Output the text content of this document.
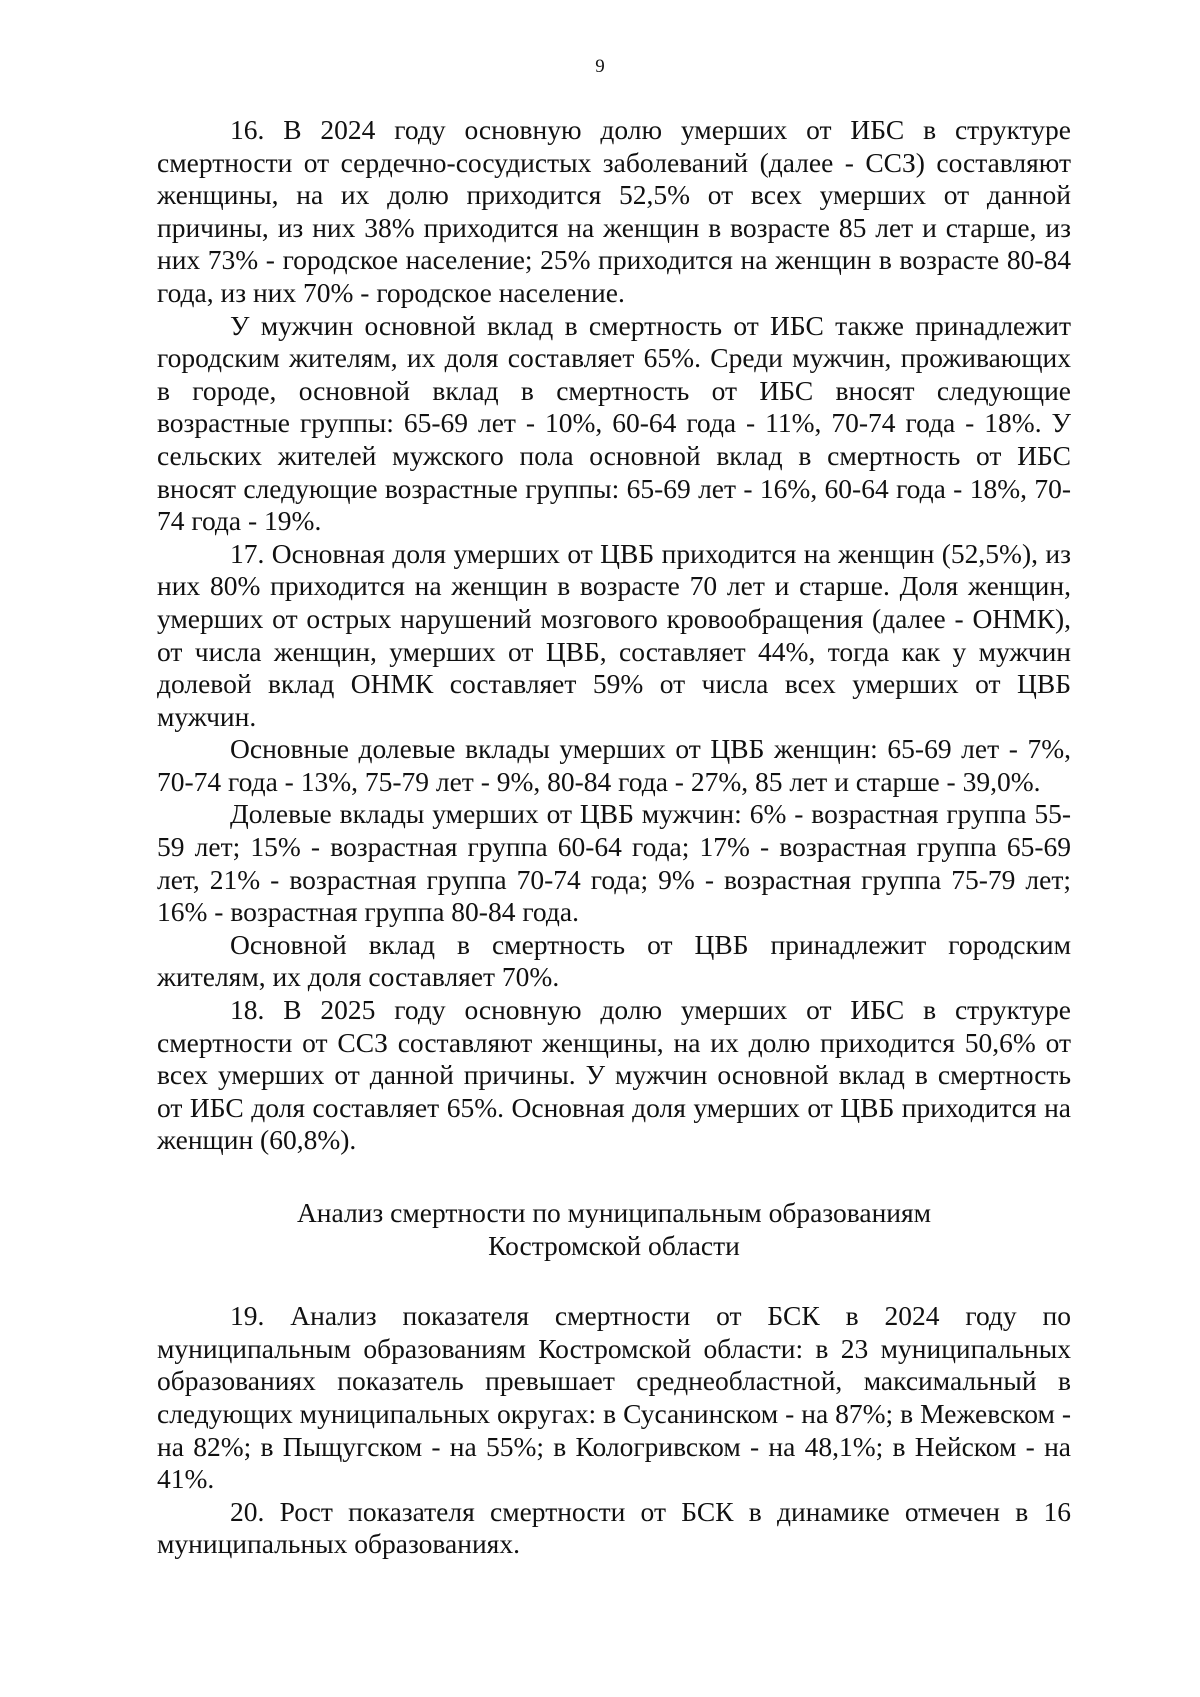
9

16. В 2024 году основную долю умерших от ИБС в структуре смертности от сердечно-сосудистых заболеваний (далее - ССЗ) составляют женщины, на их долю приходится 52,5% от всех умерших от данной причины, из них 38% приходится на женщин в возрасте 85 лет и старше, из них 73% - городское население; 25% приходится на женщин в возрасте 80-84 года, из них 70% - городское население.

У мужчин основной вклад в смертность от ИБС также принадлежит городским жителям, их доля составляет 65%. Среди мужчин, проживающих в городе, основной вклад в смертность от ИБС вносят следующие возрастные группы: 65-69 лет - 10%, 60-64 года - 11%, 70-74 года - 18%. У сельских жителей мужского пола основной вклад в смертность от ИБС вносят следующие возрастные группы: 65-69 лет - 16%, 60-64 года - 18%, 70-74 года - 19%.

17. Основная доля умерших от ЦВБ приходится на женщин (52,5%), из них 80% приходится на женщин в возрасте 70 лет и старше. Доля женщин, умерших от острых нарушений мозгового кровообращения (далее - ОНМК), от числа женщин, умерших от ЦВБ, составляет 44%, тогда как у мужчин долевой вклад ОНМК составляет 59% от числа всех умерших от ЦВБ мужчин.

Основные долевые вклады умерших от ЦВБ женщин: 65-69 лет - 7%, 70-74 года - 13%, 75-79 лет - 9%, 80-84 года - 27%, 85 лет и старше - 39,0%.

Долевые вклады умерших от ЦВБ мужчин: 6% - возрастная группа 55-59 лет; 15% - возрастная группа 60-64 года; 17% - возрастная группа 65-69 лет, 21% - возрастная группа 70-74 года; 9% - возрастная группа 75-79 лет; 16% - возрастная группа 80-84 года.

Основной вклад в смертность от ЦВБ принадлежит городским жителям, их доля составляет 70%.

18. В 2025 году основную долю умерших от ИБС в структуре смертности от ССЗ составляют женщины, на их долю приходится 50,6% от всех умерших от данной причины. У мужчин основной вклад в смертность от ИБС доля составляет 65%. Основная доля умерших от ЦВБ приходится на женщин (60,8%).

Анализ смертности по муниципальным образованиям
Костромской области

19. Анализ показателя смертности от БСК в 2024 году по муниципальным образованиям Костромской области: в 23 муниципальных образованиях показатель превышает среднеобластной, максимальный в следующих муниципальных округах: в Сусанинском - на 87%; в Межевском - на 82%; в Пыщугском - на 55%; в Кологривском - на 48,1%; в Нейском - на 41%.

20. Рост показателя смертности от БСК в динамике отмечен в 16 муниципальных образованиях.
